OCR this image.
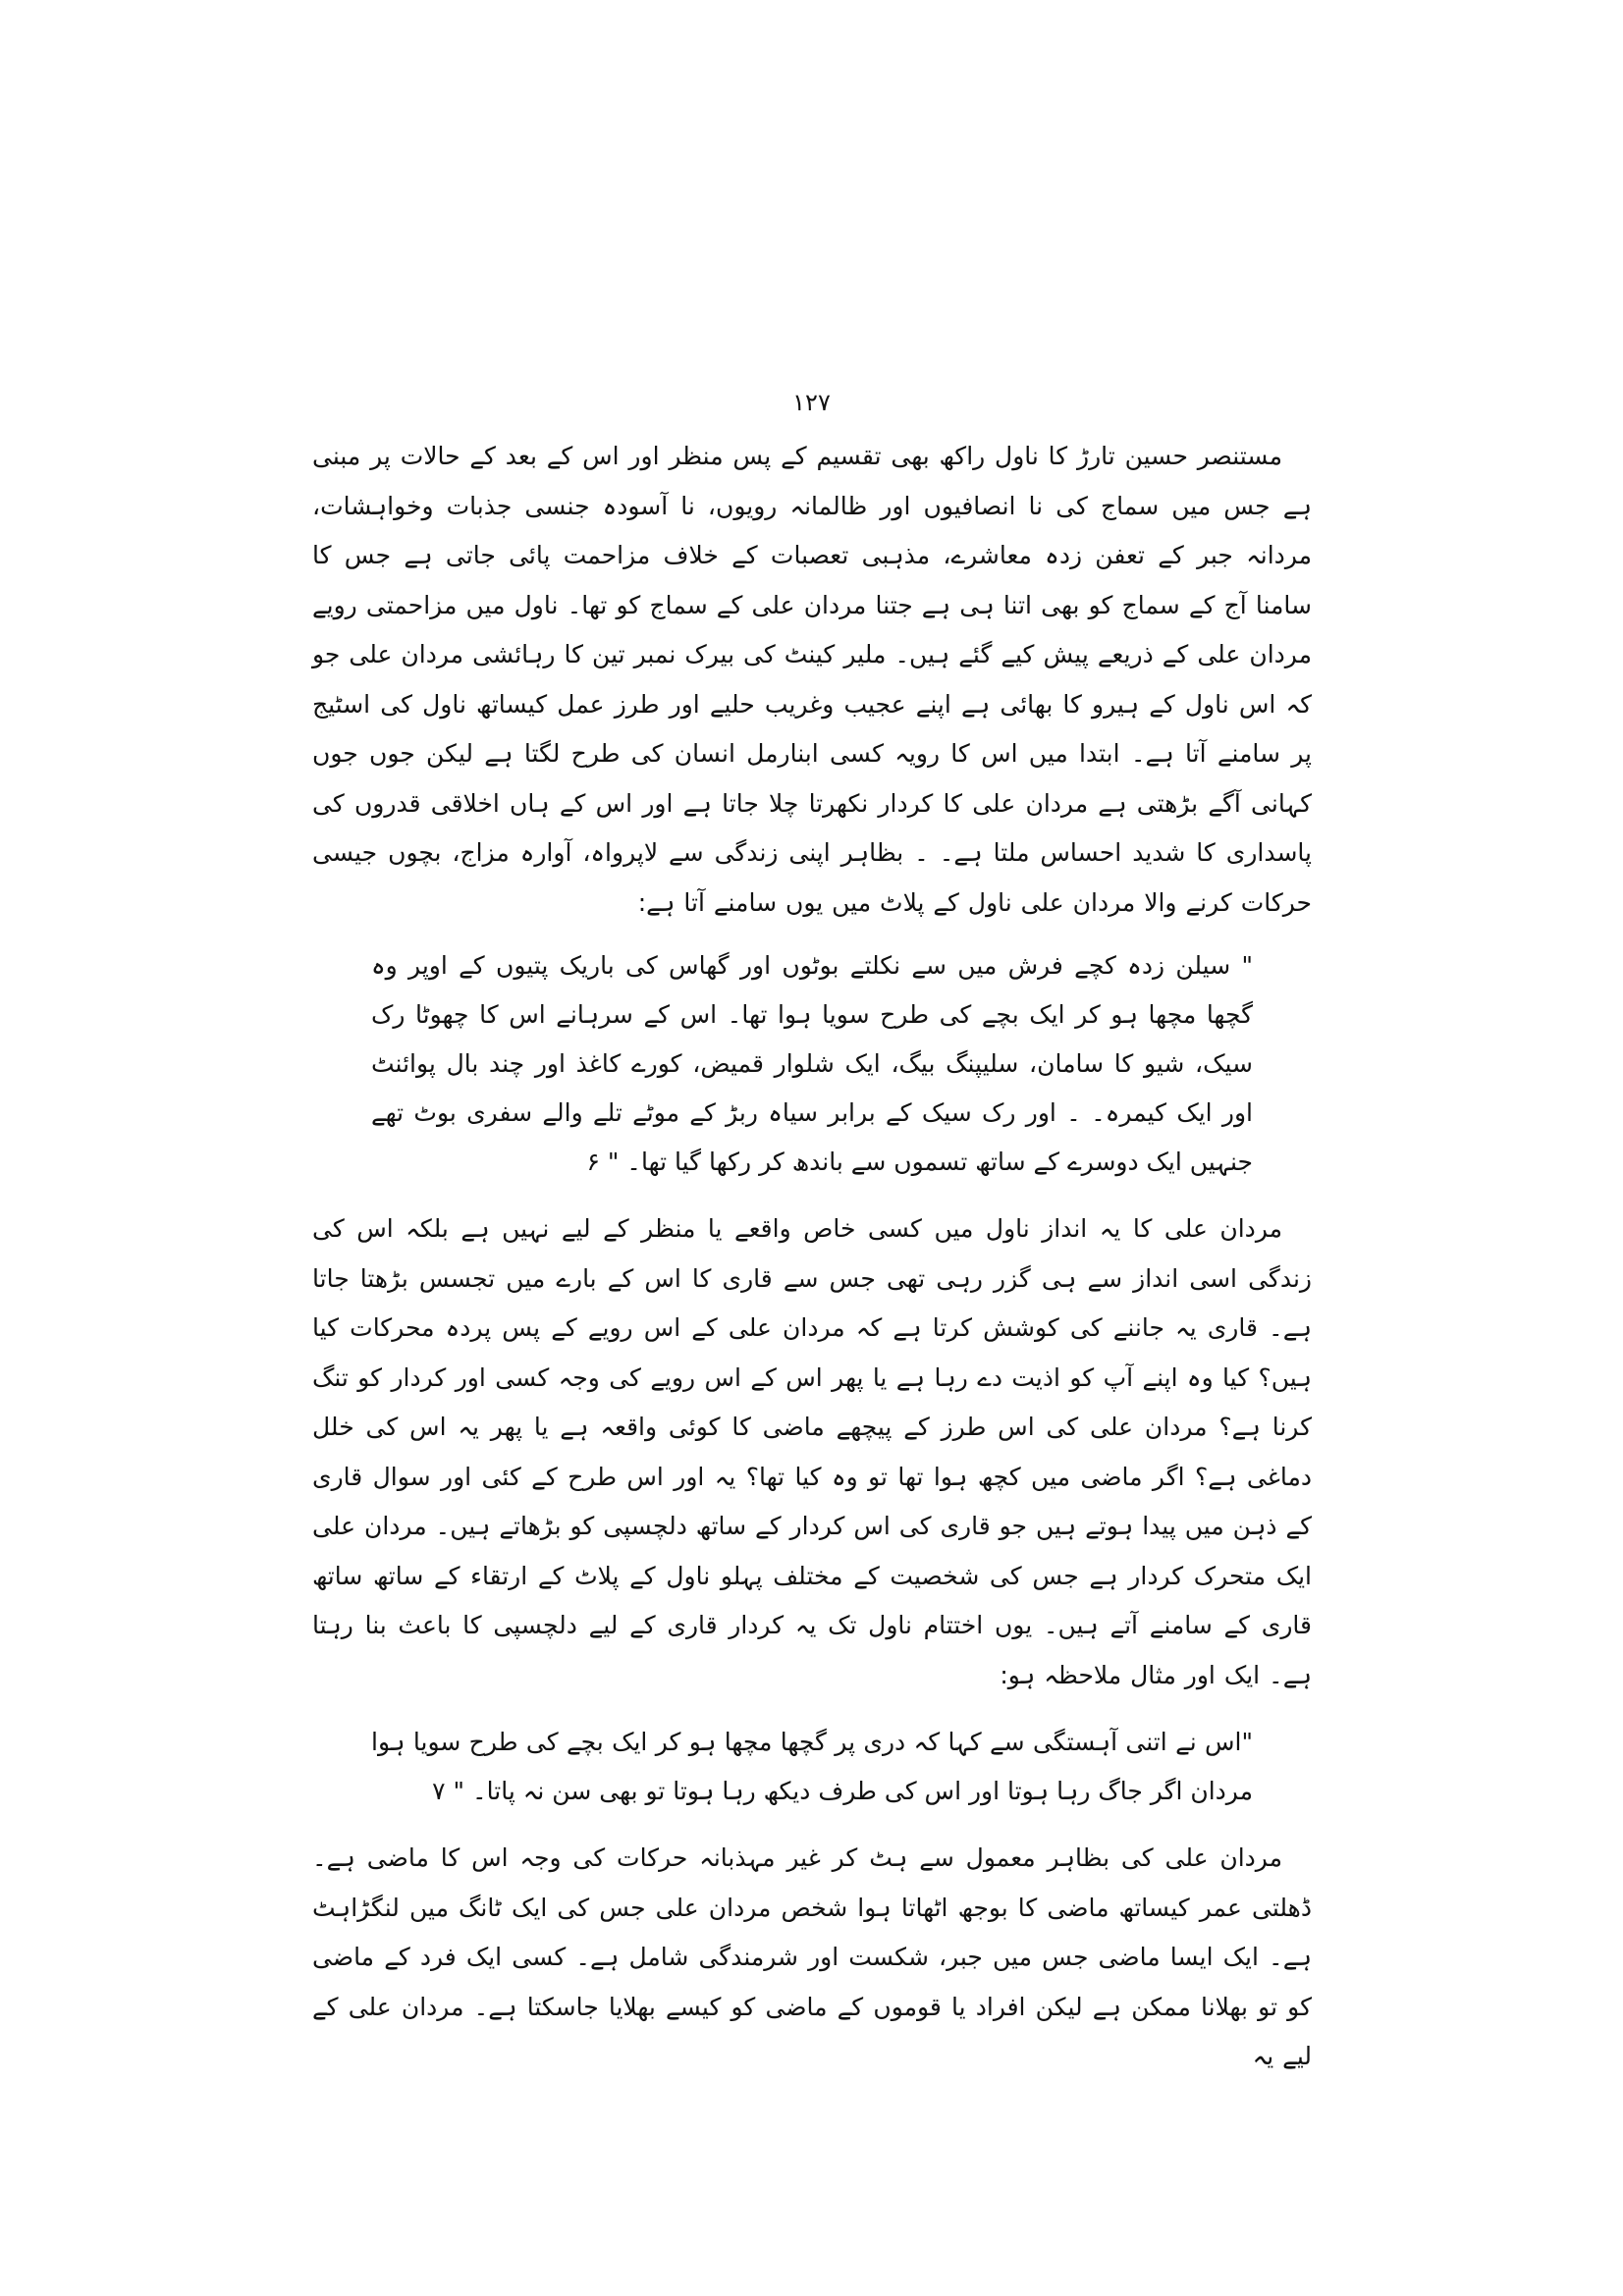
۱۲۷

مستنصر حسین تارڑ کا ناول راکھ بھی تقسیم کے پس منظر اور اس کے بعد کے حالات پر مبنی ہے جس میں سماج کی نا انصافیوں اور ظالمانہ رویوں، نا آسودہ جنسی جذبات وخواہشات، مردانہ جبر کے تعفن زدہ معاشرے، مذہبی تعصبات کے خلاف مزاحمت پائی جاتی ہے جس کا سامنا آج کے سماج کو بھی اتنا ہی ہے جتنا مردان علی کے سماج کو تھا۔ ناول میں مزاحمتی رویے مردان علی کے ذریعے پیش کیے گئے ہیں۔ ملیر کینٹ کی بیرک نمبر تین کا رہائشی مردان علی جو کہ اس ناول کے ہیرو کا بھائی ہے اپنے عجیب وغریب حلیے اور طرز عمل کیساتھ ناول کی اسٹیج پر سامنے آتا ہے۔ ابتدا میں اس کا رویہ کسی ابنارمل انسان کی طرح لگتا ہے لیکن جوں جوں کہانی آگے بڑھتی ہے مردان علی کا کردار نکھرتا چلا جاتا ہے اور اس کے ہاں اخلاقی قدروں کی پاسداری کا شدید احساس ملتا ہے۔ ۔ بظاہر اپنی زندگی سے لاپرواہ، آوارہ مزاج، بچوں جیسی حرکات کرنے والا مردان علی ناول کے پلاٹ میں یوں سامنے آتا ہے:

" سیلن زدہ کچے فرش میں سے نکلتے بوٹوں اور گھاس کی باریک پتیوں کے اوپر وہ گچھا مچھا ہو کر ایک بچے کی طرح سویا ہوا تھا۔ اس کے سرہانے اس کا چھوٹا رک سیک، شیو کا سامان، سلیپنگ بیگ، ایک شلوار قمیض، کورے کاغذ اور چند بال پوائنٹ اور ایک کیمرہ۔ ۔ اور رک سیک کے برابر سیاہ ربڑ کے موٹے تلے والے سفری بوٹ تھے جنہیں ایک دوسرے کے ساتھ تسموں سے باندھ کر رکھا گیا تھا۔ " ۶

مردان علی کا یہ انداز ناول میں کسی خاص واقعے یا منظر کے لیے نہیں ہے بلکہ اس کی زندگی اسی انداز سے ہی گزر رہی تھی جس سے قاری کا اس کے بارے میں تجسس بڑھتا جاتا ہے۔ قاری یہ جاننے کی کوشش کرتا ہے کہ مردان علی کے اس رویے کے پس پردہ محرکات کیا ہیں؟ کیا وہ اپنے آپ کو اذیت دے رہا ہے یا پھر اس کے اس رویے کی وجہ کسی اور کردار کو تنگ کرنا ہے؟ مردان علی کی اس طرز کے پیچھے ماضی کا کوئی واقعہ ہے یا پھر یہ اس کی خلل دماغی ہے؟ اگر ماضی میں کچھ ہوا تھا تو وہ کیا تھا؟ یہ اور اس طرح کے کئی اور سوال قاری کے ذہن میں پیدا ہوتے ہیں جو قاری کی اس کردار کے ساتھ دلچسپی کو بڑھاتے ہیں۔ مردان علی ایک متحرک کردار ہے جس کی شخصیت کے مختلف پہلو ناول کے پلاٹ کے ارتقاء کے ساتھ ساتھ قاری کے سامنے آتے ہیں۔ یوں اختتام ناول تک یہ کردار قاری کے لیے دلچسپی کا باعث بنا رہتا ہے۔ ایک اور مثال ملاحظہ ہو:

"اس نے اتنی آہستگی سے کہا کہ دری پر گچھا مچھا ہو کر ایک بچے کی طرح سویا ہوا مردان اگر جاگ رہا ہوتا اور اس کی طرف دیکھ رہا ہوتا تو بھی سن نہ پاتا۔ " ۷

مردان علی کی بظاہر معمول سے ہٹ کر غیر مہذبانہ حرکات کی وجہ اس کا ماضی ہے۔ ڈھلتی عمر کیساتھ ماضی کا بوجھ اٹھاتا ہوا شخص مردان علی جس کی ایک ٹانگ میں لنگڑاہٹ ہے۔ ایک ایسا ماضی جس میں جبر، شکست اور شرمندگی شامل ہے۔ کسی ایک فرد کے ماضی کو تو بھلانا ممکن ہے لیکن افراد یا قوموں کے ماضی کو کیسے بھلایا جاسکتا ہے۔ مردان علی کے لیے یہ
